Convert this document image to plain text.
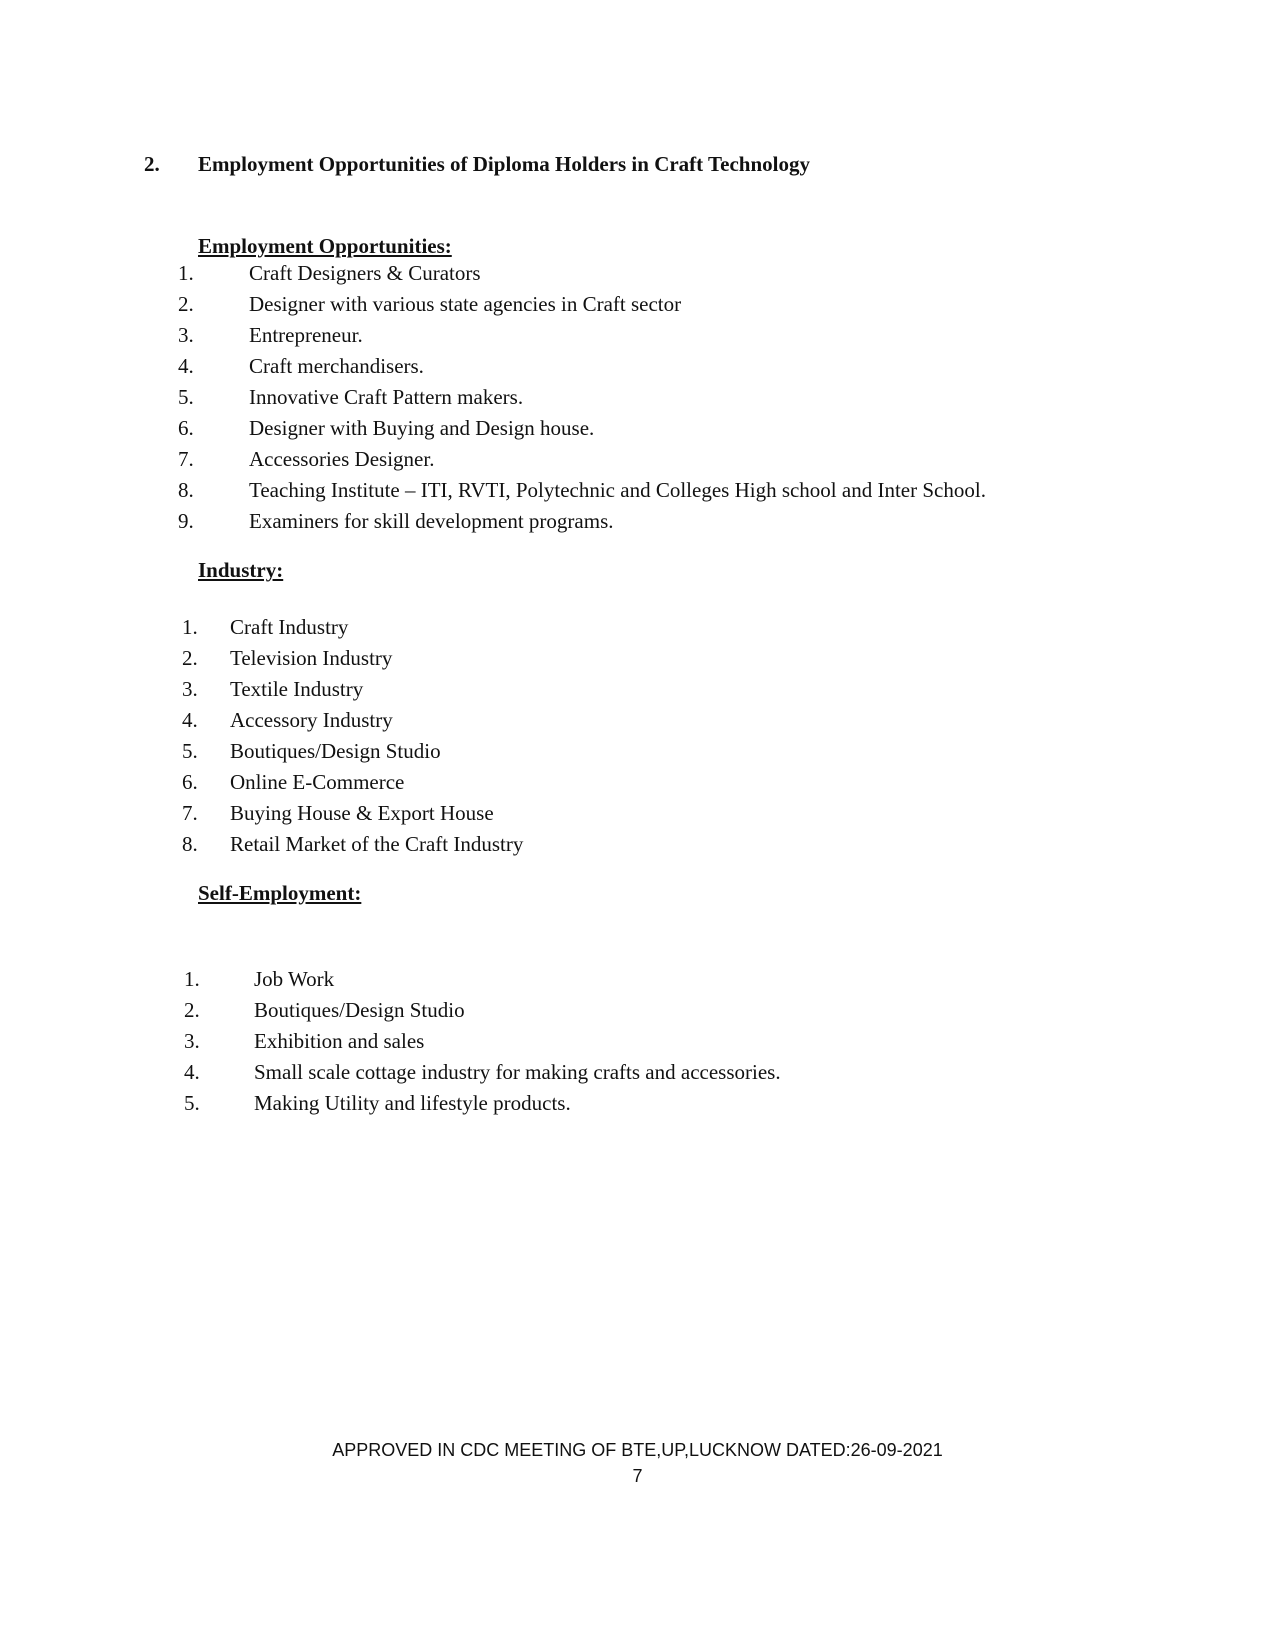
2. Employment Opportunities of Diploma Holders in Craft Technology
Employment Opportunities:
1.	Craft Designers & Curators
2.	Designer with various state agencies in Craft sector
3.	Entrepreneur.
4.	Craft merchandisers.
5.	Innovative Craft Pattern makers.
6.	Designer with Buying and Design house.
7.	Accessories Designer.
8.	Teaching Institute – ITI, RVTI, Polytechnic and Colleges High school and Inter School.
9.	Examiners for skill development programs.
Industry:
1. Craft Industry
2. Television Industry
3. Textile Industry
4. Accessory Industry
5. Boutiques/Design Studio
6. Online E-Commerce
7. Buying House & Export House
8. Retail Market of the Craft Industry
Self-Employment:
1.	Job Work
2.	Boutiques/Design Studio
3.	Exhibition and sales
4.	Small scale cottage industry for making crafts and accessories.
5.	Making Utility and lifestyle products.
APPROVED IN CDC MEETING OF BTE,UP,LUCKNOW DATED:26-09-2021
7
